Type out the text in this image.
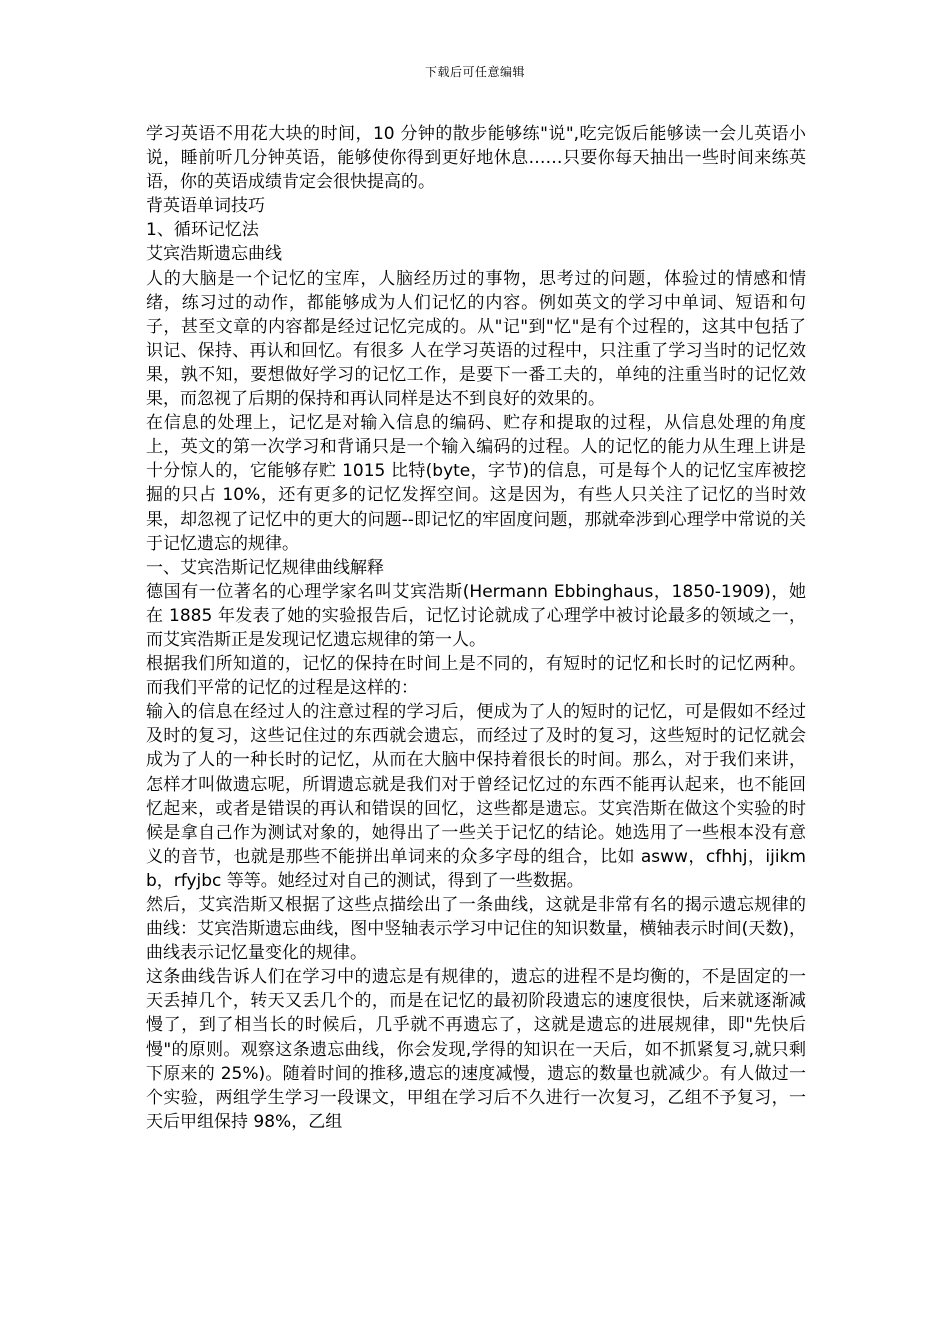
下载后可任意编辑

学习英语不用花大块的时间，10 分钟的散步能够练"说",吃完饭后能够读一会儿英语小说，睡前听几分钟英语，能够使你得到更好地休息……只要你每天抽出一些时间来练英语，你的英语成绩肯定会很快提高的。

背英语单词技巧

1、循环记忆法

艾宾浩斯遗忘曲线

人的大脑是一个记忆的宝库，人脑经历过的事物，思考过的问题，体验过的情感和情绪，练习过的动作，都能够成为人们记忆的内容。例如英文的学习中单词、短语和句子，甚至文章的内容都是经过记忆完成的。从"记"到"忆"是有个过程的，这其中包括了识记、保持、再认和回忆。有很多 人在学习英语的过程中，只注重了学习当时的记忆效果，孰不知，要想做好学习的记忆工作，是要下一番工夫的，单纯的注重当时的记忆效果，而忽视了后期的保持和再认同样是达不到良好的效果的。

在信息的处理上，记忆是对输入信息的编码、贮存和提取的过程，从信息处理的角度上，英文的第一次学习和背诵只是一个输入编码的过程。人的记忆的能力从生理上讲是十分惊人的，它能够存贮 1015 比特(byte，字节)的信息，可是每个人的记忆宝库被挖掘的只占 10%，还有更多的记忆发挥空间。这是因为，有些人只关注了记忆的当时效果，却忽视了记忆中的更大的问题--即记忆的牢固度问题，那就牵涉到心理学中常说的关于记忆遗忘的规律。

一、艾宾浩斯记忆规律曲线解释

德国有一位著名的心理学家名叫艾宾浩斯(Hermann Ebbinghaus，1850-1909)，她在 1885 年发表了她的实验报告后，记忆讨论就成了心理学中被讨论最多的领域之一，而艾宾浩斯正是发现记忆遗忘规律的第一人。

根据我们所知道的，记忆的保持在时间上是不同的，有短时的记忆和长时的记忆两种。而我们平常的记忆的过程是这样的：

输入的信息在经过人的注意过程的学习后，便成为了人的短时的记忆，可是假如不经过及时的复习，这些记住过的东西就会遗忘，而经过了及时的复习，这些短时的记忆就会成为了人的一种长时的记忆，从而在大脑中保持着很长的时间。那么，对于我们来讲，怎样才叫做遗忘呢，所谓遗忘就是我们对于曾经记忆过的东西不能再认起来，也不能回忆起来，或者是错误的再认和错误的回忆，这些都是遗忘。艾宾浩斯在做这个实验的时候是拿自己作为测试对象的，她得出了一些关于记忆的结论。她选用了一些根本没有意义的音节，也就是那些不能拼出单词来的众多字母的组合，比如 asww，cfhhj，ijikmb，rfyjbc 等等。她经过对自己的测试，得到了一些数据。

然后，艾宾浩斯又根据了这些点描绘出了一条曲线，这就是非常有名的揭示遗忘规律的曲线：艾宾浩斯遗忘曲线，图中竖轴表示学习中记住的知识数量，横轴表示时间(天数)，曲线表示记忆量变化的规律。

这条曲线告诉人们在学习中的遗忘是有规律的，遗忘的进程不是均衡的，不是固定的一天丢掉几个，转天又丢几个的，而是在记忆的最初阶段遗忘的速度很快，后来就逐渐减慢了，到了相当长的时候后，几乎就不再遗忘了，这就是遗忘的进展规律，即"先快后慢"的原则。观察这条遗忘曲线，你会发现,学得的知识在一天后，如不抓紧复习,就只剩下原来的 25%)。随着时间的推移,遗忘的速度减慢，遗忘的数量也就减少。有人做过一个实验，两组学生学习一段课文，甲组在学习后不久进行一次复习，乙组不予复习，一天后甲组保持 98%，乙组
